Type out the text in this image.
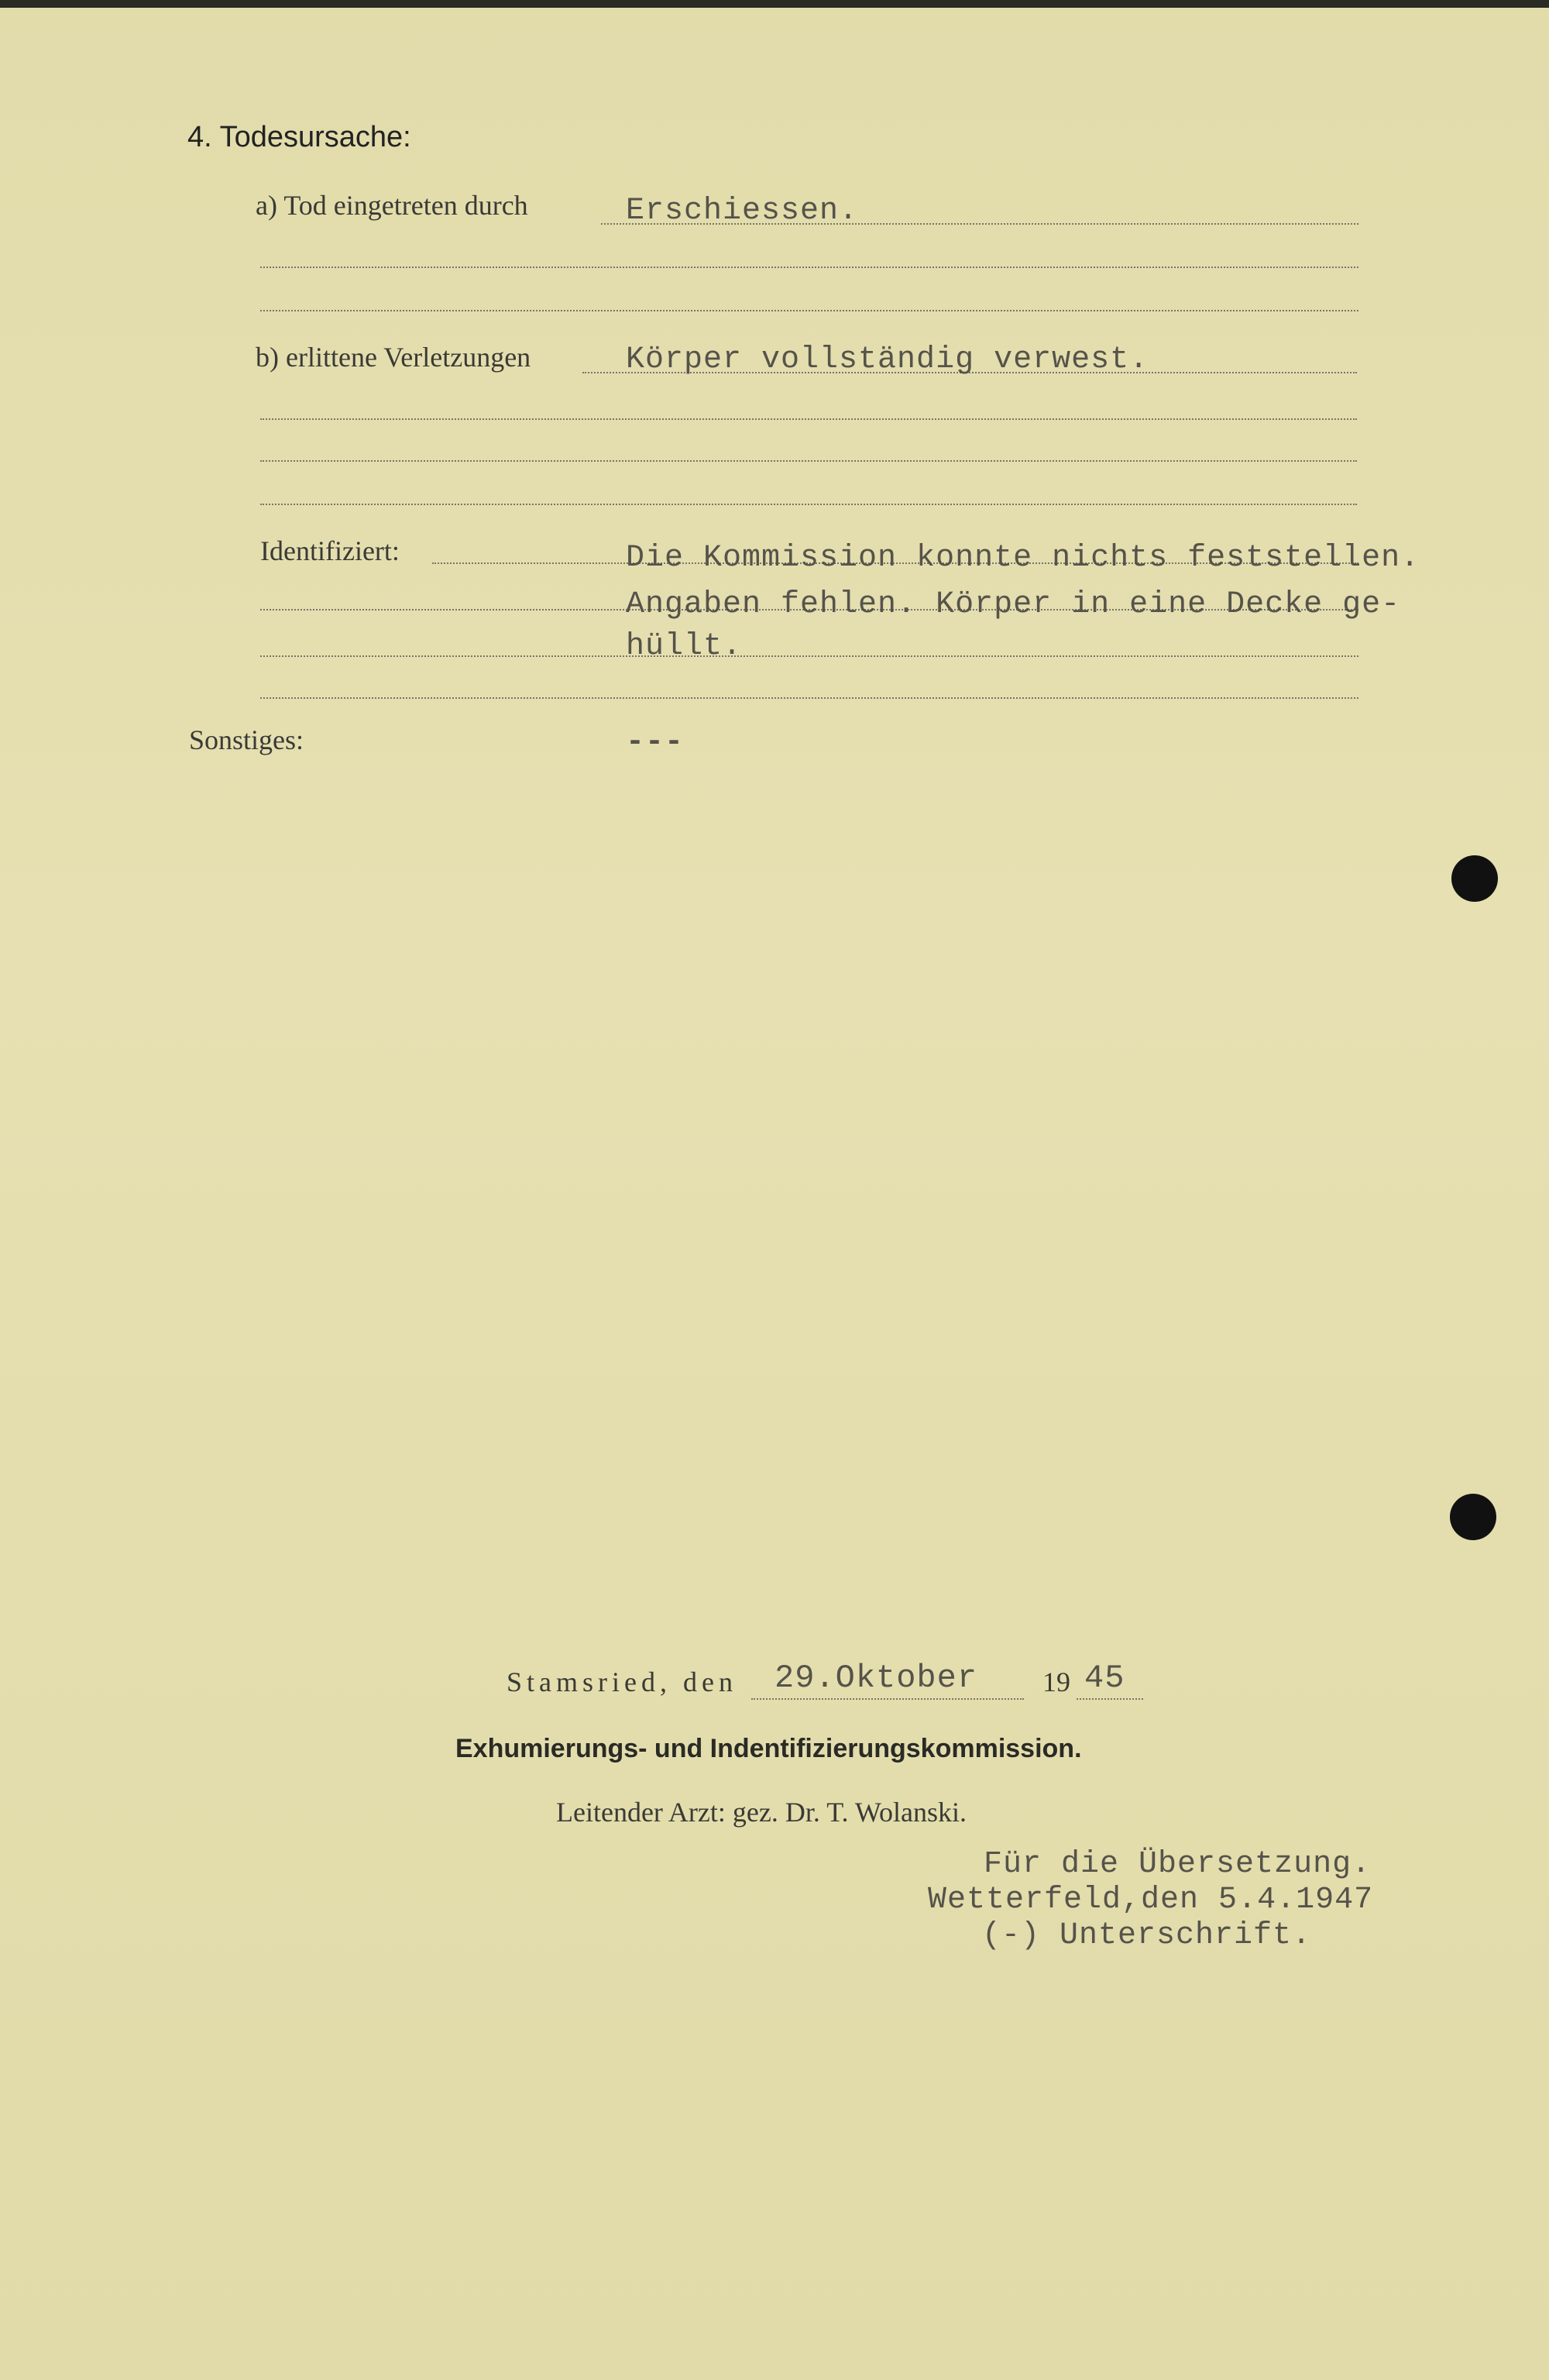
4. Todesursache:
a) Tod eingetreten durch	Erschiessen.
b) erlittene Verletzungen	Körper vollständig verwest.
Identifiziert:	Die Kommission konnte nichts feststellen.
Angaben fehlen. Körper in eine Decke ge-
hüllt.
Sonstiges:	---
Stamsried, den 29.Oktober 19 45
Exhumierungs- und Indentifizierungskommission.
Leitender Arzt: gez. Dr. T. Wolanski.
Für die Übersetzung.
Wetterfeld,den 5.4.1947
(-) Unterschrift.
